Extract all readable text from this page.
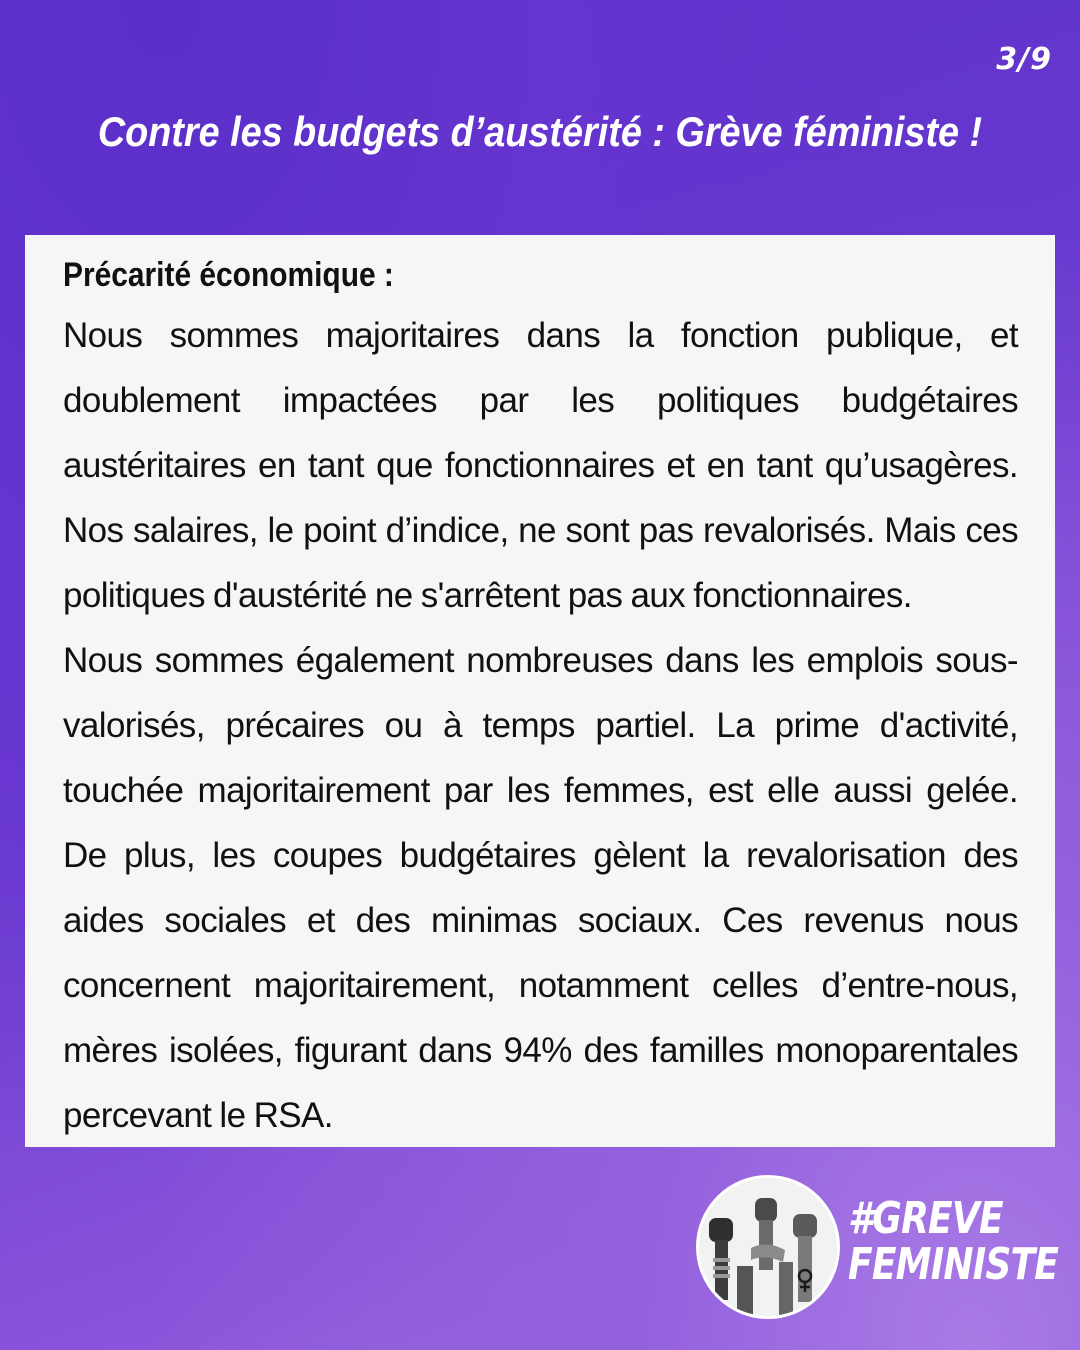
3/9
Contre les budgets d’austérité : Grève féministe !
Précarité économique :

Nous sommes majoritaires dans la fonction publique, et doublement impactées par les politiques budgétaires austéritaires en tant que fonctionnaires et en tant qu’usagères. Nos salaires, le point d’indice, ne sont pas revalorisés. Mais ces politiques d'austérité ne s'arrêtent pas aux fonctionnaires.

Nous sommes également nombreuses dans les emplois sous-valorisés, précaires ou à temps partiel. La prime d'activité, touchée majoritairement par les femmes, est elle aussi gelée. De plus, les coupes budgétaires gèlent la revalorisation des aides sociales et des minimas sociaux. Ces revenus nous concernent majoritairement, notamment celles d’entre-nous, mères isolées, figurant dans 94% des familles monoparentales percevant le RSA.

#GREVE
FEMINISTE
